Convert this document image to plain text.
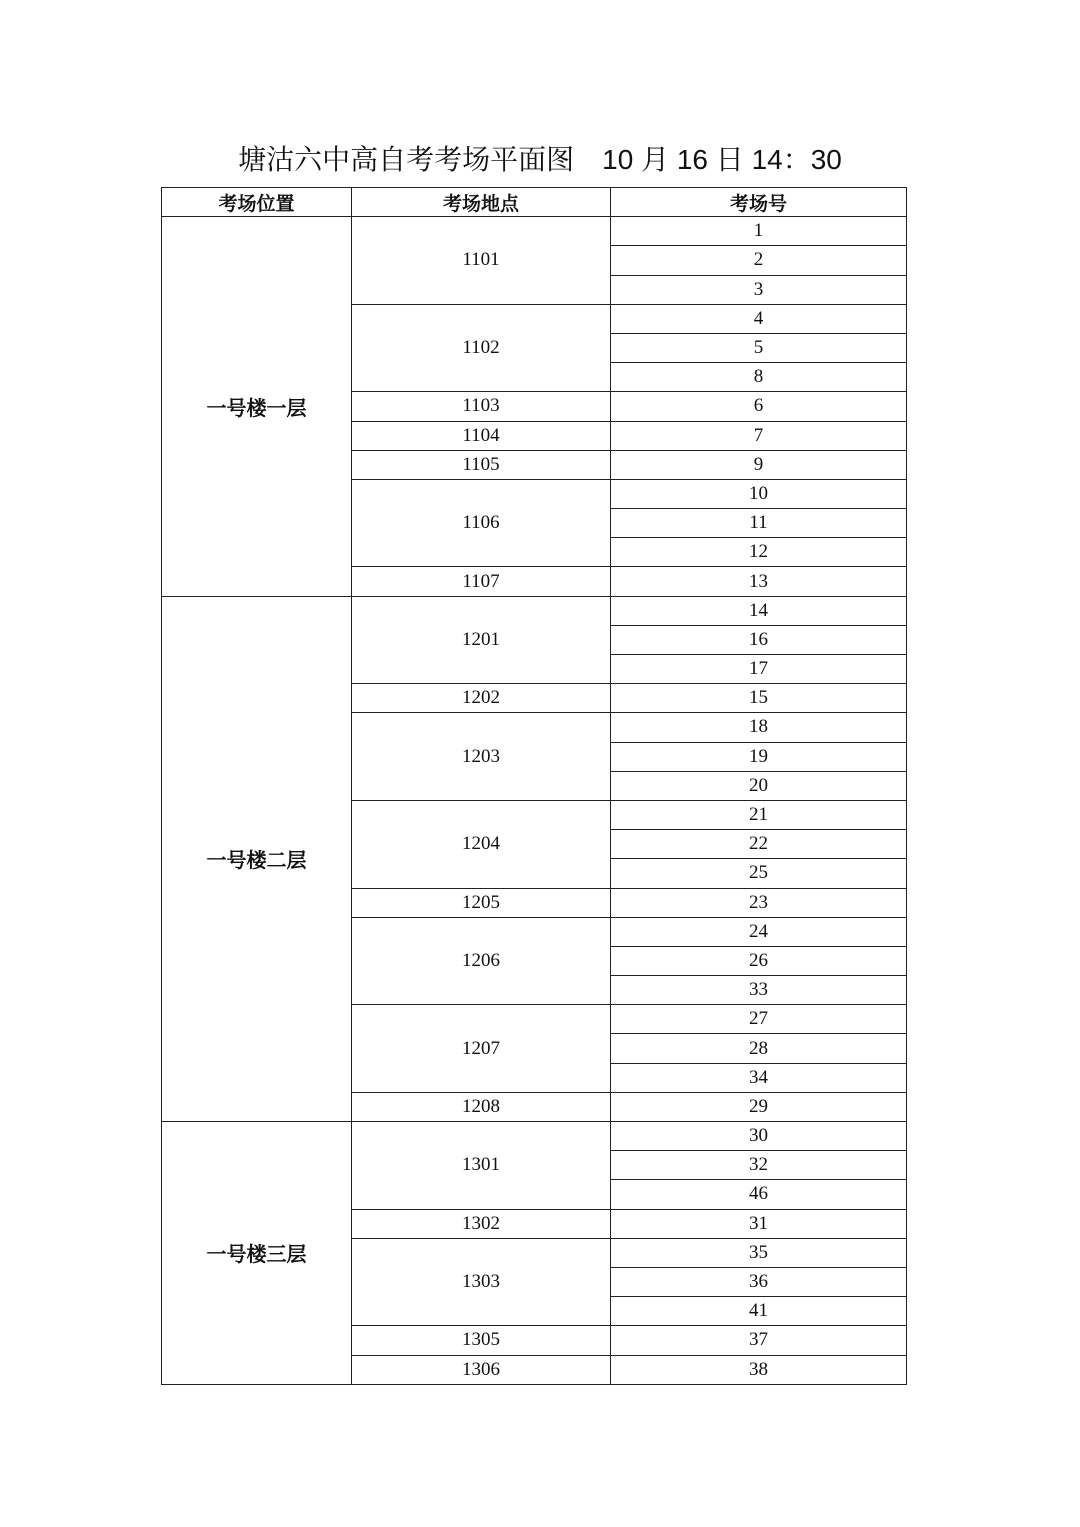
塘沽六中高自考考场平面图 10 月 16 日 14：30
考场位置	考场地点	考场号
一号楼一层	1101	1
		2
		3
	1102	4
		5
		8
	1103	6
	1104	7
	1105	9
	1106	10
		11
		12
	1107	13
一号楼二层	1201	14
		16
		17
	1202	15
	1203	18
		19
		20
	1204	21
		22
		25
	1205	23
	1206	24
		26
		33
	1207	27
		28
		34
	1208	29
一号楼三层	1301	30
		32
		46
	1302	31
	1303	35
		36
		41
	1305	37
	1306	38
